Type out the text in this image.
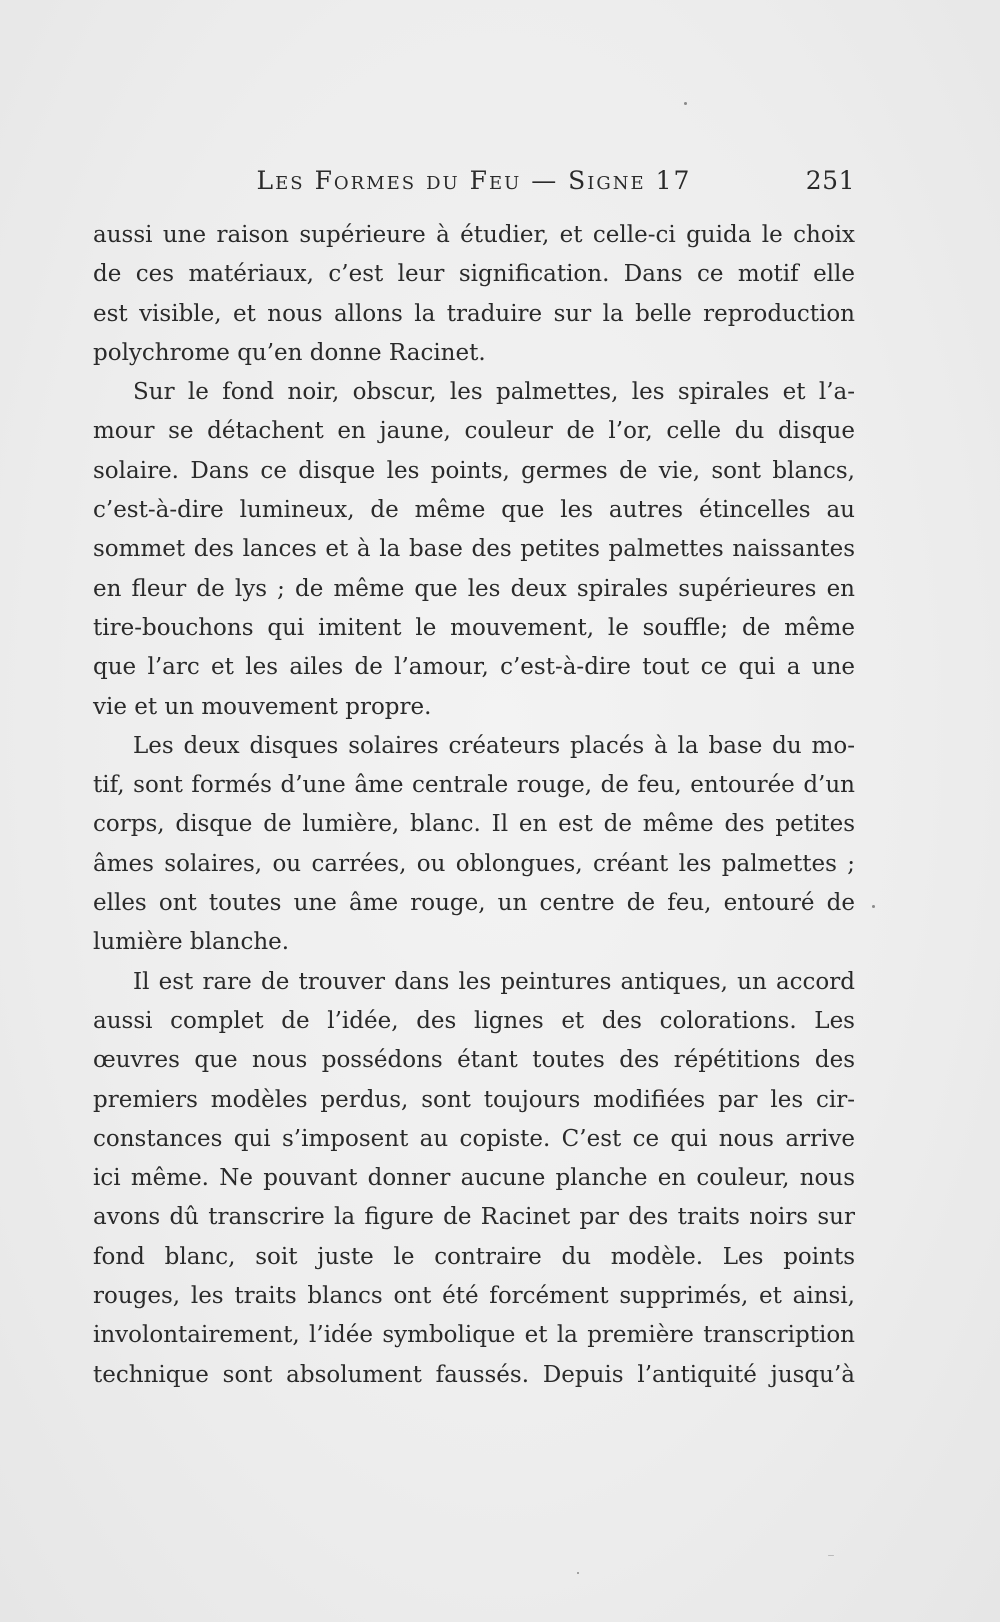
Les Formes du Feu — Signe 17	251
aussi une raison supérieure à étudier, et celle-ci guida le choix
de ces matériaux, c’est leur signification. Dans ce motif elle
est visible, et nous allons la traduire sur la belle reproduction
polychrome qu’en donne Racinet.
Sur le fond noir, obscur, les palmettes, les spirales et l’a-
mour se détachent en jaune, couleur de l’or, celle du disque
solaire. Dans ce disque les points, germes de vie, sont blancs,
c’est-à-dire lumineux, de même que les autres étincelles au
sommet des lances et à la base des petites palmettes naissantes
en fleur de lys ; de même que les deux spirales supérieures en
tire-bouchons qui imitent le mouvement, le souffle; de même
que l’arc et les ailes de l’amour, c’est-à-dire tout ce qui a une
vie et un mouvement propre.
Les deux disques solaires créateurs placés à la base du mo-
tif, sont formés d’une âme centrale rouge, de feu, entourée d’un
corps, disque de lumière, blanc. Il en est de même des petites
âmes solaires, ou carrées, ou oblongues, créant les palmettes ;
elles ont toutes une âme rouge, un centre de feu, entouré de
lumière blanche.
Il est rare de trouver dans les peintures antiques, un accord
aussi complet de l’idée, des lignes et des colorations. Les
œuvres que nous possédons étant toutes des répétitions des
premiers modèles perdus, sont toujours modifiées par les cir-
constances qui s’imposent au copiste. C’est ce qui nous arrive
ici même. Ne pouvant donner aucune planche en couleur, nous
avons dû transcrire la figure de Racinet par des traits noirs sur
fond blanc, soit juste le contraire du modèle. Les points
rouges, les traits blancs ont été forcément supprimés, et ainsi,
involontairement, l’idée symbolique et la première transcription
technique sont absolument faussés. Depuis l’antiquité jusqu’à
